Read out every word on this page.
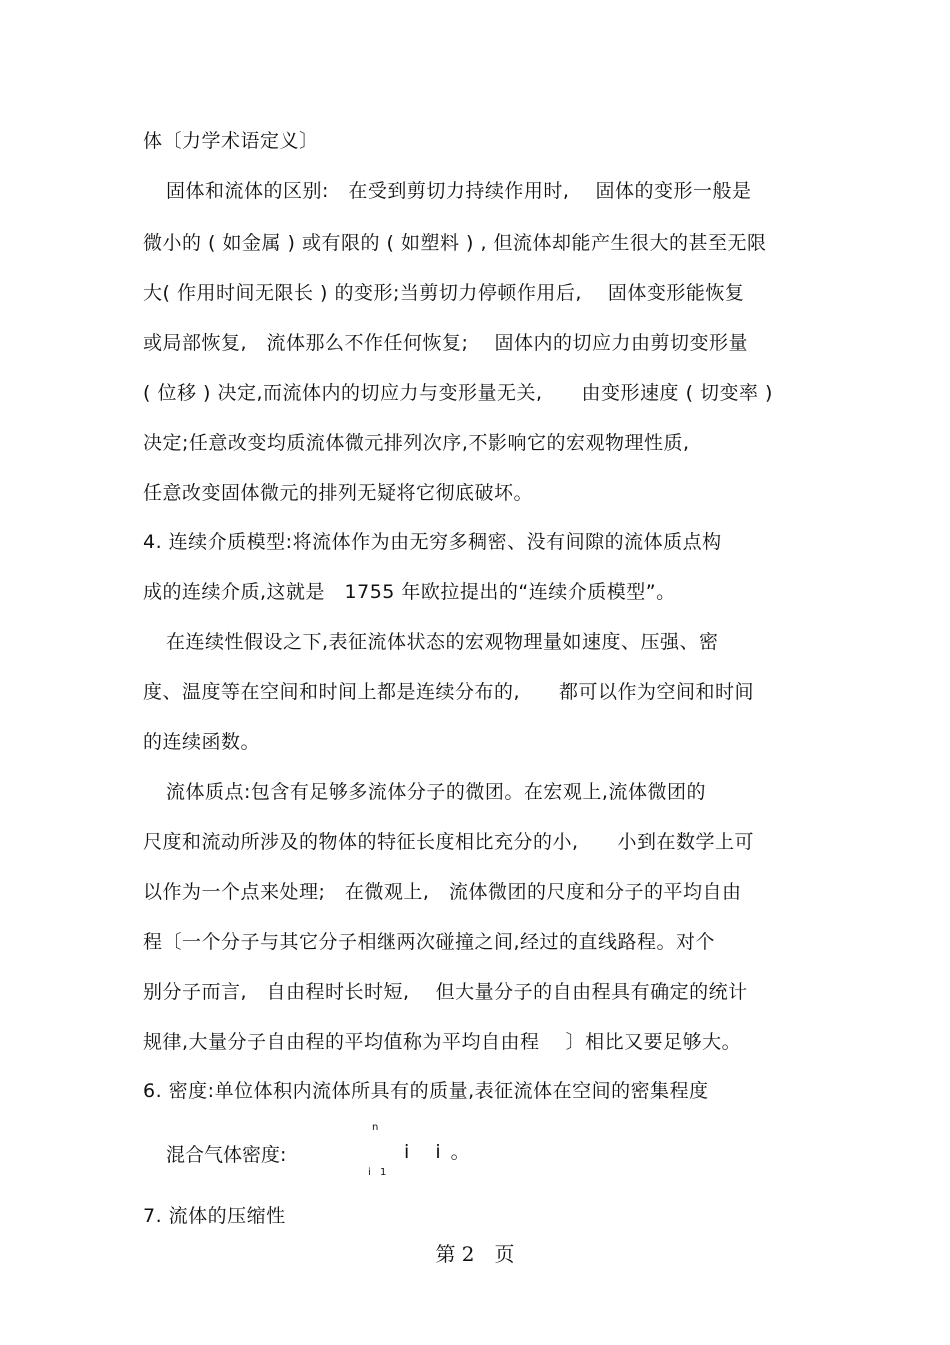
体〔力学术语定义〕
固体和流体的区别:　在受到剪切力持续作用时,　 固体的变形一般是
微小的 ( 如金属 ) 或有限的 ( 如塑料 ) , 但流体却能产生很大的甚至无限
大( 作用时间无限长 ) 的变形;当剪切力停顿作用后,　 固体变形能恢复
或局部恢复,　流体那么不作任何恢复;　 固体内的切应力由剪切变形量
( 位移 ) 决定,而流体内的切应力与变形量无关,　　由变形速度 ( 切变率 )
决定;任意改变均质流体微元排列次序,不影响它的宏观物理性质,
任意改变固体微元的排列无疑将它彻底破坏。
4. 连续介质模型:将流体作为由无穷多稠密、没有间隙的流体质点构
成的连续介质,这就是　1755 年欧拉提出的“连续介质模型”。
在连续性假设之下,表征流体状态的宏观物理量如速度、压强、密
度、温度等在空间和时间上都是连续分布的,　　都可以作为空间和时间
的连续函数。
流体质点:包含有足够多流体分子的微团。在宏观上,流体微团的
尺度和流动所涉及的物体的特征长度相比充分的小,　　小到在数学上可
以作为一个点来处理;　在微观上,　流体微团的尺度和分子的平均自由
程〔一个分子与其它分子相继两次碰撞之间,经过的直线路程。对个
别分子而言,　自由程时长时短,　 但大量分子的自由程具有确定的统计
规律,大量分子自由程的平均值称为平均自由程　 〕相比又要足够大。
6. 密度:单位体积内流体所具有的质量,表征流体在空间的密集程度
混合气体密度:
n
i 1
i i。
7. 流体的压缩性
第 2　页
